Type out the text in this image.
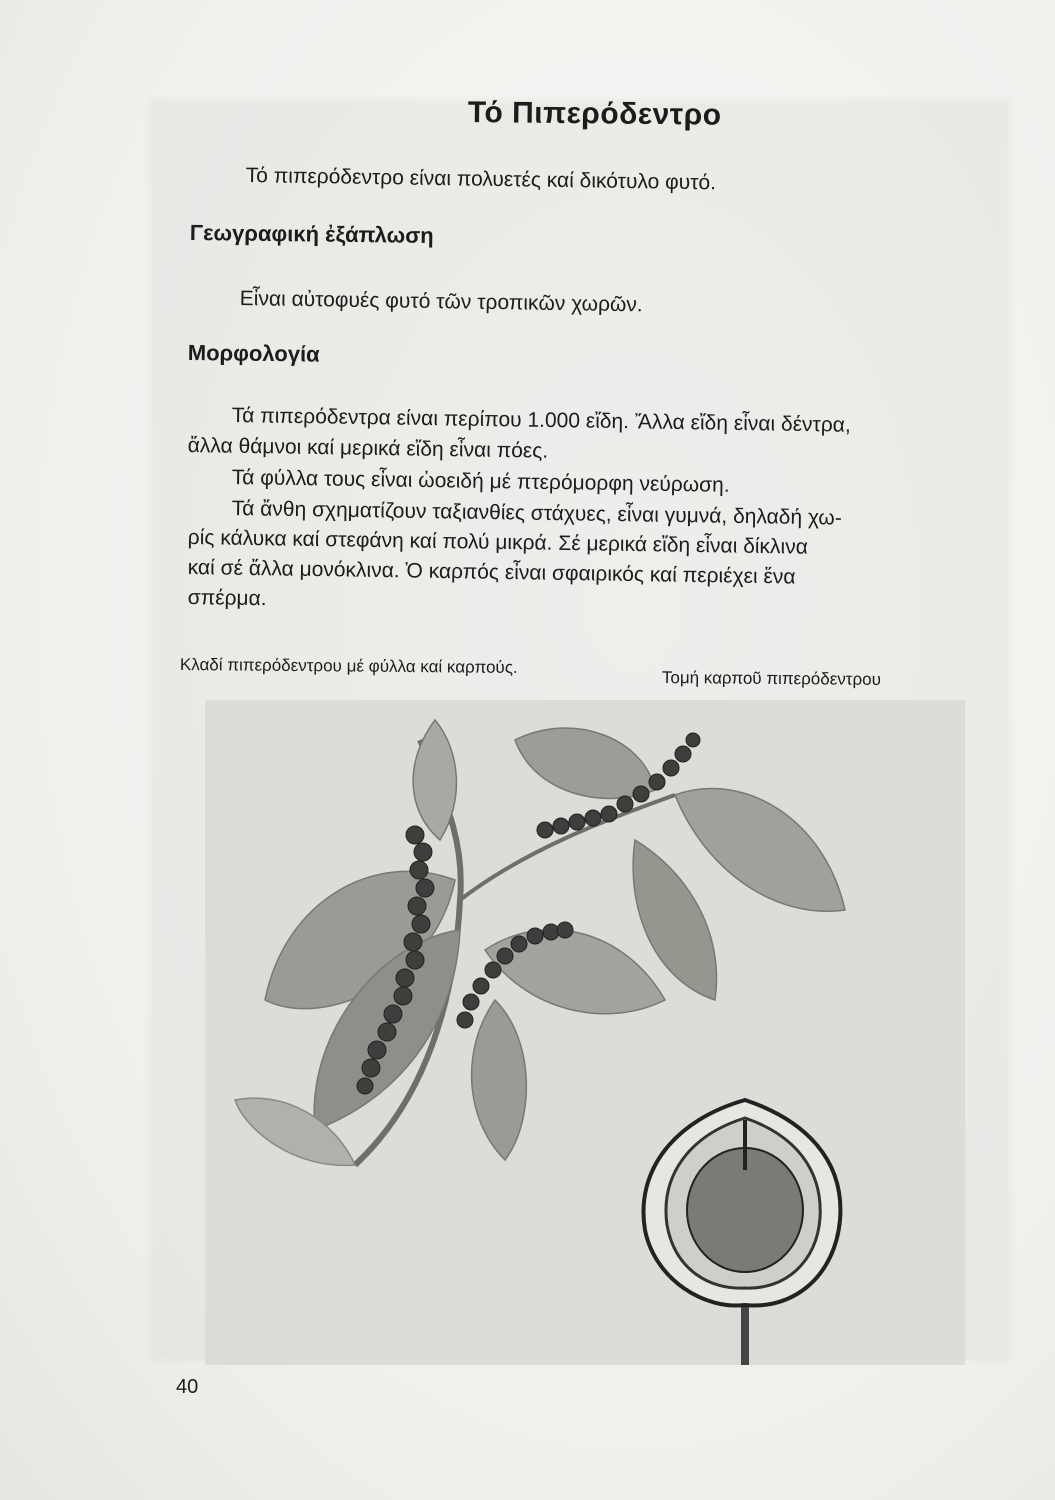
Τό Πιπερόδεντρο
Τό πιπερόδεντρο είναι πολυετές καί δικότυλο φυτό.
Γεωγραφική ἐξάπλωση
Εἶναι αὐτοφυές φυτό τῶν τροπικῶν χωρῶν.
Μορφολογία
Τά πιπερόδεντρα είναι περίπου 1.000 εἴδη. Ἄλλα εἴδη εἶναι δέντρα,
ἄλλα θάμνοι καί μερικά εἴδη εἶναι πόες.
Τά φύλλα τους εἶναι ὠοειδή μέ πτερόμορφη νεύρωση.
Τά ἄνθη σχηματίζουν ταξιανθίες στάχυες, εἶναι γυμνά, δηλαδή χω-
ρίς κάλυκα καί στεφάνη καί πολύ μικρά. Σέ μερικά εἴδη εἶναι δίκλινα
καί σέ ἄλλα μονόκλινα. Ὁ καρπός εἶναι σφαιρικός καί περιέχει ἕνα
σπέρμα.
Κλαδί πιπερόδεντρου μέ φύλλα καί καρπούς.
Τομή καρποῦ πιπερόδεντρου
40
